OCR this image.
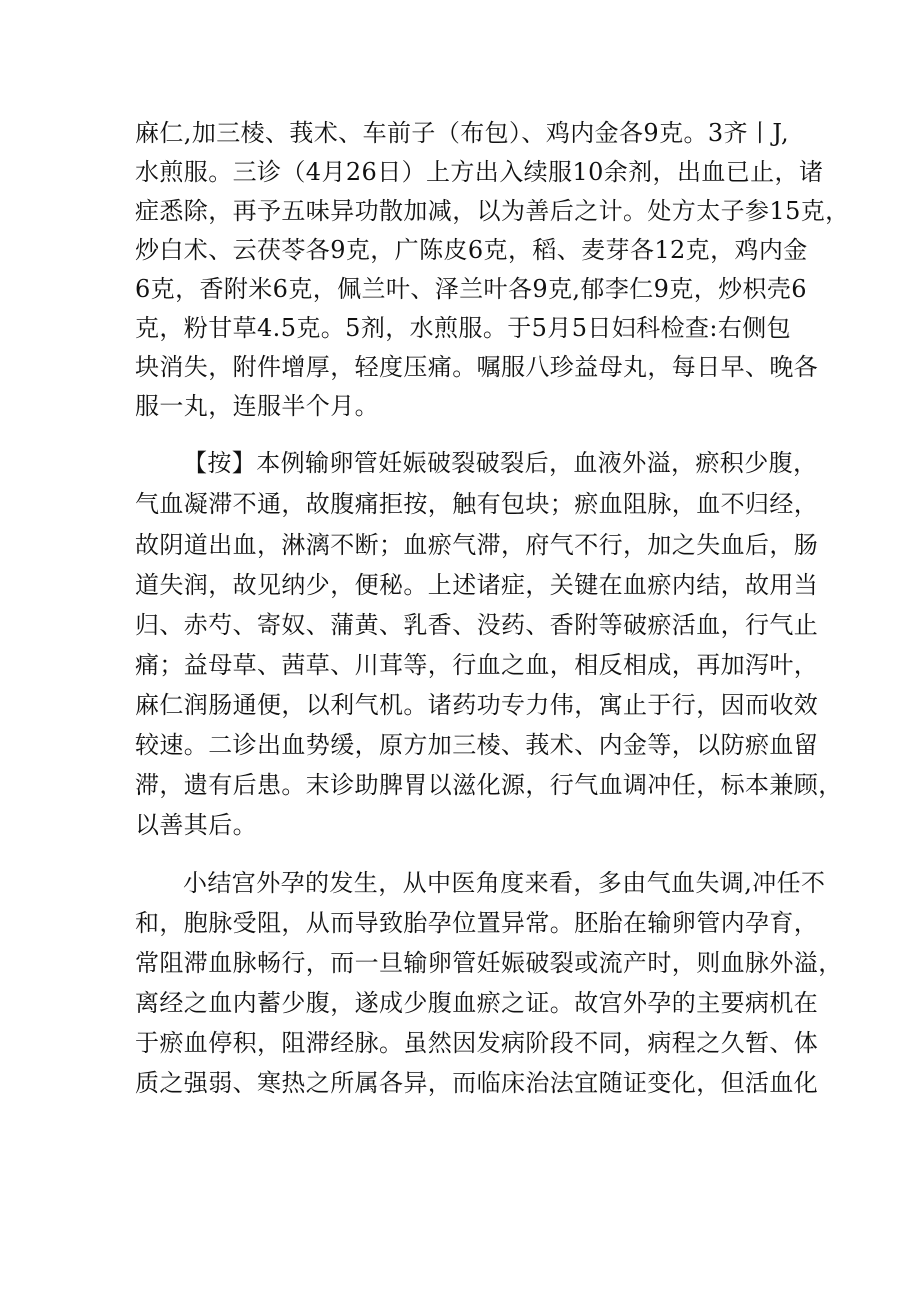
麻仁,加三棱、莪术、车前子（布包）、鸡内金各9克。3齐丨J,
水煎服。三诊（4月26日）上方出入续服10余剂，出血已止，诸
症悉除，再予五味异功散加减，以为善后之计。处方太子参15克，
炒白术、云茯苓各9克，广陈皮6克，稻、麦芽各12克，鸡内金
6克，香附米6克，佩兰叶、泽兰叶各9克,郁李仁9克，炒枳壳6
克，粉甘草4.5克。5剂，水煎服。于5月5日妇科检查:右侧包
块消失，附件增厚，轻度压痛。嘱服八珍益母丸，每日早、晚各
服一丸，连服半个月。
【按】本例输卵管妊娠破裂破裂后，血液外溢，瘀积少腹，
气血凝滞不通，故腹痛拒按，触有包块；瘀血阻脉，血不归经，
故阴道出血，淋漓不断；血瘀气滞，府气不行，加之失血后，肠
道失润，故见纳少，便秘。上述诸症，关键在血瘀内结，故用当
归、赤芍、寄奴、蒲黄、乳香、没药、香附等破瘀活血，行气止
痛；益母草、茜草、川茸等，行血之血，相反相成，再加泻叶，
麻仁润肠通便，以利气机。诸药功专力伟，寓止于行，因而收效
较速。二诊出血势缓，原方加三棱、莪术、内金等，以防瘀血留
滞，遗有后患。末诊助脾胃以滋化源，行气血调冲任，标本兼顾，
以善其后。
小结宫外孕的发生，从中医角度来看，多由气血失调,冲任不
和，胞脉受阻，从而导致胎孕位置异常。胚胎在输卵管内孕育，
常阻滞血脉畅行，而一旦输卵管妊娠破裂或流产时，则血脉外溢，
离经之血内蓄少腹，遂成少腹血瘀之证。故宫外孕的主要病机在
于瘀血停积，阻滞经脉。虽然因发病阶段不同，病程之久暂、体
质之强弱、寒热之所属各异，而临床治法宜随证变化，但活血化
